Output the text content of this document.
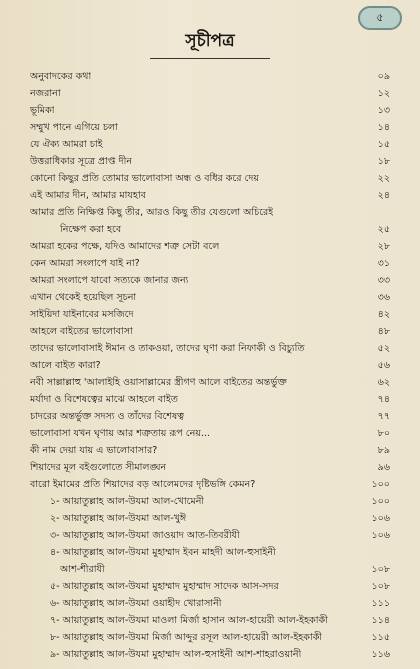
৫
সূচীপত্র
অনুবাদকের কথা	০৯
নজরানা	১২
ভূমিকা	১৩
সম্মুখ পানে এগিয়ে চলা	১৪
যে ঐক্য আমরা চাই	১৫
উত্তরাধিকার সূত্রে প্রাপ্ত দীন	১৮
কোনো কিছুর প্রতি তোমার ভালোবাসা অন্ধ ও বধির করে দেয়	২২
এই আমার দীন, আমার মাযহাব	২৪
আমার প্রতি নিক্ষিপ্ত কিছু তীর, আরও কিছু তীর যেগুলো অচিরেই
নিক্ষেপ করা হবে	২৫
আমরা হকের পক্ষে, যদিও আমাদের শত্রু সেটা বলে	২৮
কেন আমরা সংলাপে যাই না?	৩১
আমরা সংলাপে যাবো সত্যকে জানার জন্য	৩৩
এখান থেকেই হয়েছিল সূচনা	৩৬
সাইয়িদা যাইনাবের মসজিদে	৪২
আহলে বাইতের ভালোবাসা	৪৮
তাদের ভালোবাসাই ঈমান ও তাকওয়া, তাদের ঘৃণা করা নিফাকী ও বিচ্যুতি	৫২
আলে বাইত কারা?	৫৬
নবী সাল্লাল্লাহু 'আলাইহি ওয়াসাল্লামের স্ত্রীগণ আলে বাইতের অন্তর্ভুক্ত	৬২
মর্যাদা ও বিশেষত্বের মাঝে আহলে বাইত	৭৪
চাদরের অন্তর্ভুক্ত সদস্য ও তাঁদের বিশেষত্ব	৭৭
ভালোবাসা যখন ঘৃণায় আর শত্রুতায় রূপ নেয়...	৮০
কী নাম দেয়া যায় এ ভালোবাসার?	৮৯
শিয়াদের মূল বইগুলোতে সীমালঙ্ঘন	৯৬
বারো ইমামের প্রতি শিয়াদের বড় আলেমদের দৃষ্টিভঙ্গি কেমন?	১০০
১- আয়াতুল্লাহ আল-উযমা আল-খোমেনী	১০০
২- আয়াতুল্লাহ আল-উযমা আল-খুঈ	১০৬
৩- আয়াতুল্লাহ আল-উযমা জাওয়াদ আত-তিবরীযী	১০৬
৪- আয়াতুল্লাহ আল-উযমা মুহাম্মাদ ইবন মাহদী আল-হুসাইনী
আশ-শীরাযী	১০৮
৫- আয়াতুল্লাহ আল-উযমা মুহাম্মাদ মুহাম্মাদ সাদেক আস-সদর	১০৮
৬- আয়াতুল্লাহ আল-উযমা ওয়াহীদ খোরাসানী	১১১
৭- আয়াতুল্লাহ আল-উযমা মাওলা মির্জা হাসান আল-হায়েরী আল-ইহকাকী	১১৪
৮- আয়াতুল্লাহ আল-উযমা মির্জা আব্দুর রসূল আল-হায়েরী আল-ইহকাকী	১১৫
৯- আয়াতুল্লাহ আল-উযমা মুহাম্মাদ আল-হুসাইনী আশ-শাহরাওয়ানী	১১৬
